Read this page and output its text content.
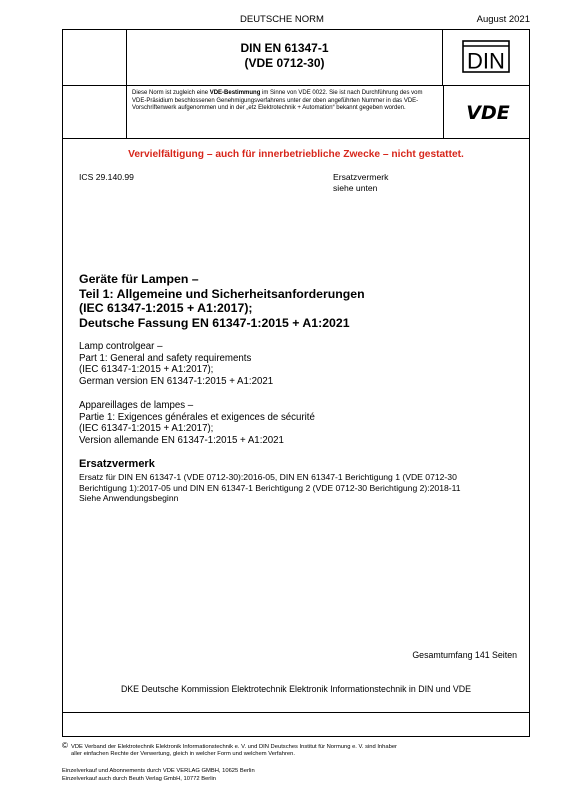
DEUTSCHE NORM	August 2021
DIN EN 61347-1
(VDE 0712-30)	DIN
Diese Norm ist zugleich eine VDE-Bestimmung im Sinne von VDE 0022. Sie ist nach Durchführung des vom VDE-Präsidium beschlossenen Genehmigungsverfahrens unter der oben angeführten Nummer in das VDE-Vorschriftenwerk aufgenommen und in der „etz Elektrotechnik + Automation“ bekannt gegeben worden.	VDE
Vervielfältigung – auch für innerbetriebliche Zwecke – nicht gestattet.
ICS 29.140.99	Ersatzvermerk
siehe unten
Geräte für Lampen –
Teil 1: Allgemeine und Sicherheitsanforderungen
(IEC 61347-1:2015 + A1:2017);
Deutsche Fassung EN 61347-1:2015 + A1:2021
Lamp controlgear –
Part 1: General and safety requirements
(IEC 61347-1:2015 + A1:2017);
German version EN 61347-1:2015 + A1:2021
Appareillages de lampes –
Partie 1: Exigences générales et exigences de sécurité
(IEC 61347-1:2015 + A1:2017);
Version allemande EN 61347-1:2015 + A1:2021
Ersatzvermerk
Ersatz für DIN EN 61347-1 (VDE 0712-30):2016-05, DIN EN 61347-1 Berichtigung 1 (VDE 0712-30
Berichtigung 1):2017-05 und DIN EN 61347-1 Berichtigung 2 (VDE 0712-30 Berichtigung 2):2018-11
Siehe Anwendungsbeginn
Gesamtumfang 141 Seiten
DKE Deutsche Kommission Elektrotechnik Elektronik Informationstechnik in DIN und VDE
© VDE Verband der Elektrotechnik Elektronik Informationstechnik e. V. und DIN Deutsches Institut für Normung e. V. sind Inhaber
aller einfachen Rechte der Verwertung, gleich in welcher Form und welchem Verfahren.
Einzelverkauf und Abonnements durch VDE VERLAG GMBH, 10625 Berlin
Einzelverkauf auch durch Beuth Verlag GmbH, 10772 Berlin
